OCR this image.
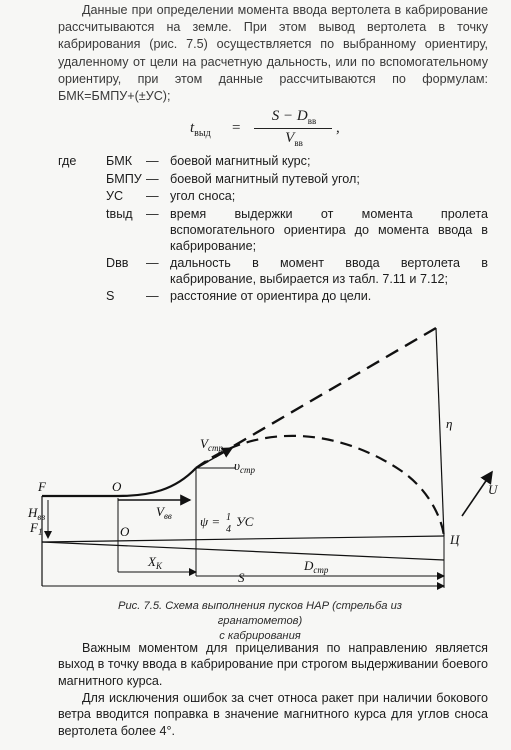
Данные при определении момента ввода вертолета в кабрирование рассчитываются на земле. При этом вывод вертолета в точку кабрирования (рис. 7.5) осуществляется по выбранному ориентиру, удаленному от цели на расчетную дальность, или по вспомогательному ориентиру, при этом данные рассчитываются по формулам: БМК=БМПУ+(±УС);
$t_{выд}$ =
$S - D_{вв}$
$V_{вв}$
,
где БМК — боевой магнитный курс;
БМПУ — боевой магнитный путевой угол;
УС — угол сноса;
tвыд — время выдержки от момента пролета вспомогательного ориентира до момента ввода в кабрирование;
Dвв — дальность в момент ввода вертолета в кабрирование, выбирается из табл. 7.11 и 7.12;
S	— расстояние от ориентира до цели.
F
$F_1$
O
O
$H_{вв}$	$V_{вв}$
$V_{стр}$
$\upsilon_{стр}$
ψ = 1
4
УС
η
U
Ц
$X_К$	$D_{стр}$
S
Рис. 7.5. Схема выполнения пусков НАР (стрельба из гранатометов)
с кабрирования
Важным моментом для прицеливания по направлению является выход в точку ввода в кабрирование при строгом выдерживании боевого магнитного курса.
Для исключения ошибок за счет относа ракет при наличии бокового ветра вводится поправка в значение магнитного курса для углов сноса вертолета более 4°.
